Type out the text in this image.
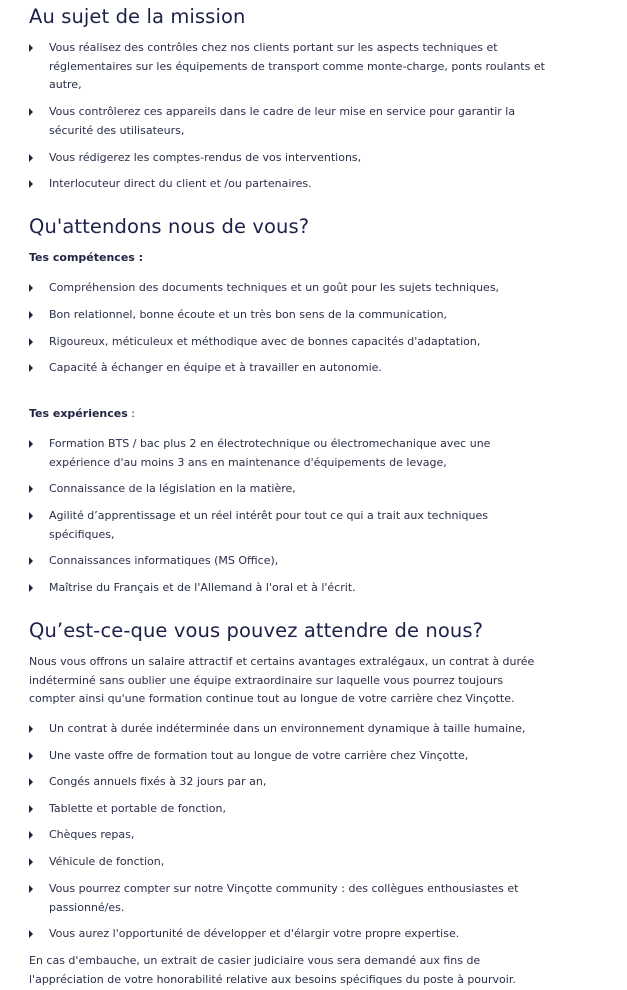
Au sujet de la mission
Vous réalisez des contrôles chez nos clients portant sur les aspects techniques et réglementaires sur les équipements de transport comme monte-charge, ponts roulants et autre,
Vous contrôlerez ces appareils dans le cadre de leur mise en service pour garantir la sécurité des utilisateurs,
Vous rédigerez les comptes-rendus de vos interventions,
Interlocuteur direct du client et /ou partenaires.
Qu'attendons nous de vous?

Tes compétences :

Compréhension des documents techniques et un goût pour les sujets techniques,
Bon relationnel, bonne écoute et un très bon sens de la communication,
Rigoureux, méticuleux et méthodique avec de bonnes capacités d'adaptation,
Capacité à échanger en équipe et à travailler en autonomie.

Tes expériences :

Formation BTS / bac plus 2 en électrotechnique ou électromechanique avec une expérience d'au moins 3 ans en maintenance d'équipements de levage,
Connaissance de la législation en la matière,
Agilité d’apprentissage et un réel intérêt pour tout ce qui a trait aux techniques spécifiques,
Connaissances informatiques (MS Office),
Maîtrise du Français et de l'Allemand à l'oral et à l'écrit.
Qu’est-ce-que vous pouvez attendre de nous?

Nous vous offrons un salaire attractif et certains avantages extralégaux, un contrat à durée indéterminé sans oublier une équipe extraordinaire sur laquelle vous pourrez toujours compter ainsi qu'une formation continue tout au longue de votre carrière chez Vinçotte.

Un contrat à durée indéterminée dans un environnement dynamique à taille humaine,
Une vaste offre de formation tout au longue de votre carrière chez Vinçotte,
Congés annuels fixés à 32 jours par an,
Tablette et portable de fonction,
Chèques repas,
Véhicule de fonction,
Vous pourrez compter sur notre Vinçotte community : des collègues enthousiastes et passionné/es.
Vous aurez l'opportunité de développer et d'élargir votre propre expertise.

En cas d'embauche, un extrait de casier judiciaire vous sera demandé aux fins de l'appréciation de votre honorabilité relative aux besoins spécifiques du poste à pourvoir.
